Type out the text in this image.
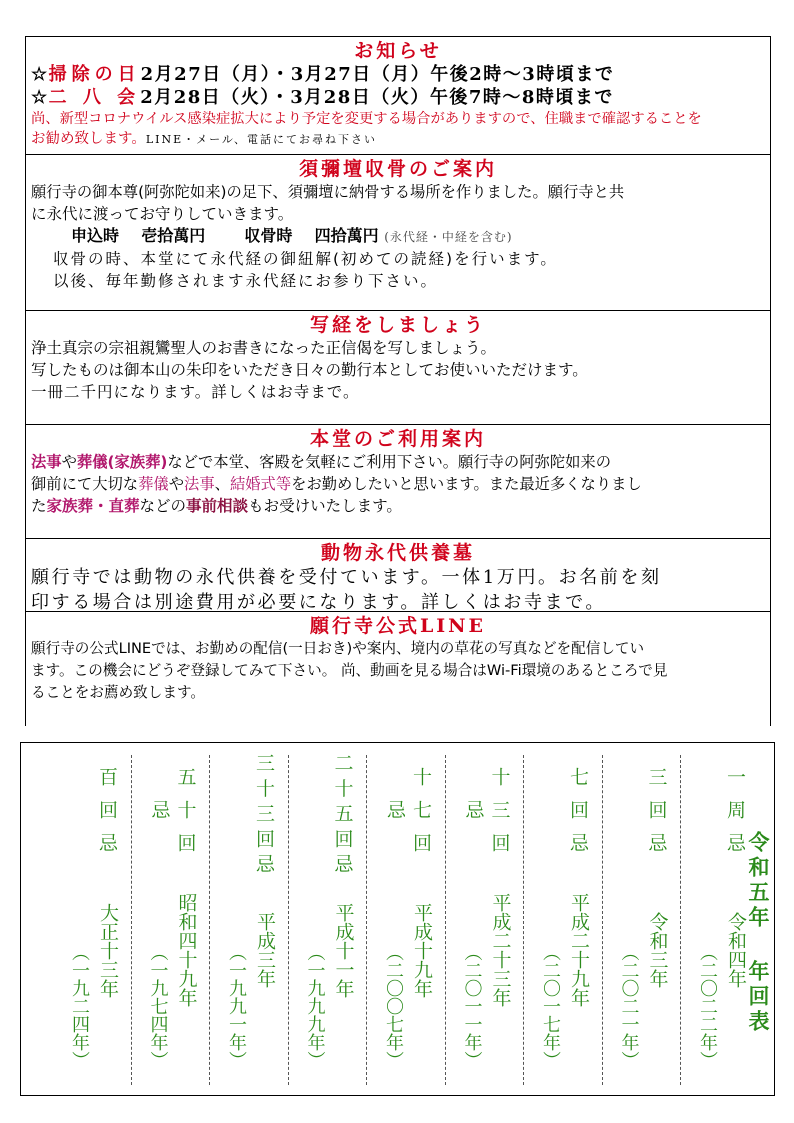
お知らせ
☆掃除の日2月27日（月）・3月27日（月）午後2時～3時頃まで
☆二 八 会2月28日（火）・3月28日（火）午後7時～8時頃まで
尚、新型コロナウイルス感染症拡大により予定を変更する場合がありますので、住職まで確認することを
お勧め致します。LINE・メール、電話にてお尋ね下さい
須彌壇収骨のご案内

願行寺の御本尊(阿弥陀如来)の足下、須彌壇に納骨する場所を作りました。願行寺と共

に永代に渡ってお守りしていきます。

申込時 壱拾萬円 収骨時 四拾萬円 (永代経・中経を含む)

収骨の時、本堂にて永代経の御紐解(初めての読経)を行います。

以後、毎年勤修されます永代経にお参り下さい。

写経をしましょう

浄土真宗の宗祖親鸞聖人のお書きになった正信偈を写しましょう。

写したものは御本山の朱印をいただき日々の勤行本としてお使いいただけます。

一冊二千円になります。詳しくはお寺まで。

本堂のご利用案内

法事や葬儀(家族葬)などで本堂、客殿を気軽にご利用下さい。願行寺の阿弥陀如来の

御前にて大切な葬儀や法事、結婚式等をお勤めしたいと思います。また最近多くなりまし

た家族葬・直葬などの事前相談もお受けいたします。

動物永代供養墓

願行寺では動物の永代供養を受付ています。一体1万円。お名前を刻

印する場合は別途費用が必要になります。詳しくはお寺まで。

願行寺公式LINE

願行寺の公式LINEでは、お勤めの配信(一日おき)や案内、境内の草花の写真などを配信してい

ます。この機会にどうぞ登録してみて下さい。 尚、動画を見る場合はWi-Fi環境のあるところで見

ることをお薦め致します。

令和五年 年回表
一周忌
令和四年
（二〇二二年）
三回忌
令和三年
（二〇二一年）
七回忌
平成二十九年
（二〇一七年）
十三回忌
平成二十三年
（二〇一一年）
十七回忌
平成十九年
（二〇〇七年）
二十五回忌
平成十一年
（一九九九年）
三十三回忌
平成三年
（一九九一年）
五十回忌
昭和四十九年
（一九七四年）
百回忌
大正十三年
（一九二四年）
